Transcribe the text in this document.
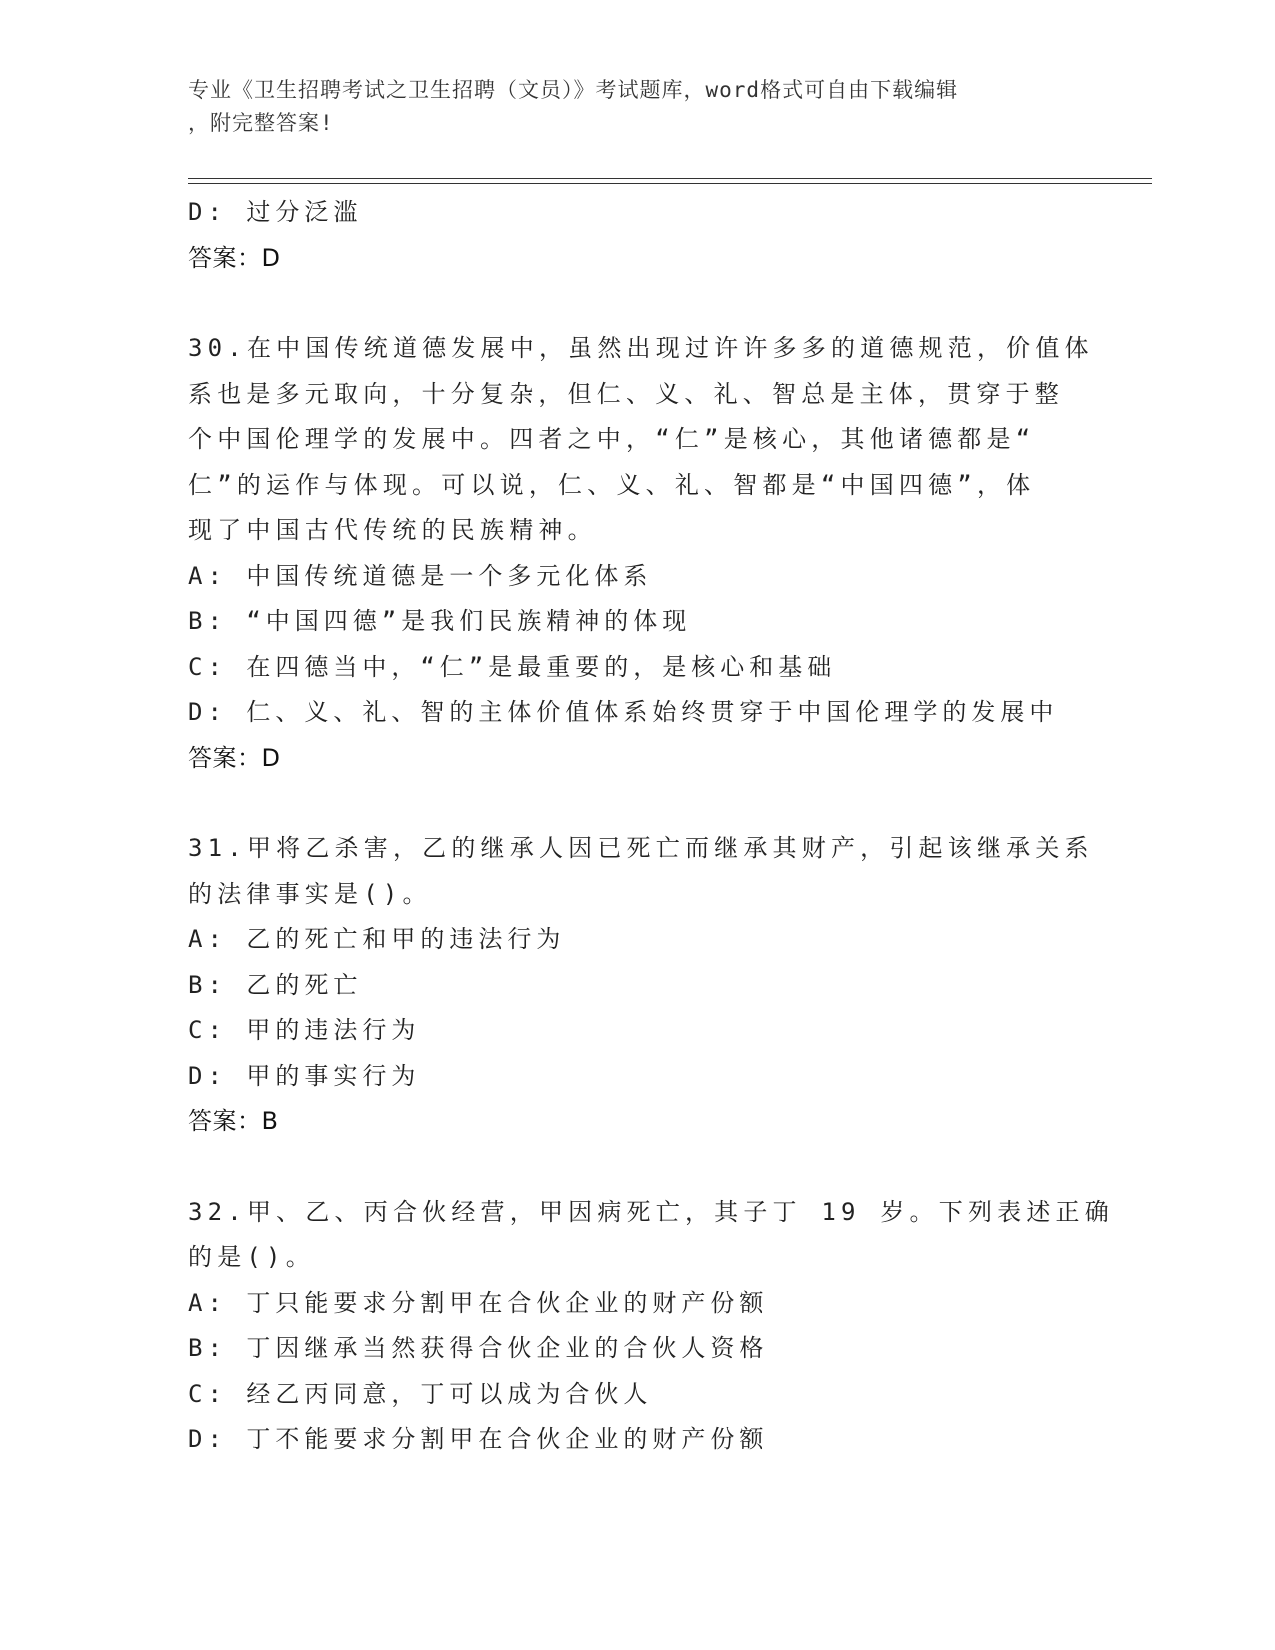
专业《卫生招聘考试之卫生招聘（文员）》考试题库，word格式可自由下载编辑
，附完整答案!
D: 过分泛滥
答案：D
30.在中国传统道德发展中，虽然出现过许许多多的道德规范，价值体
系也是多元取向，十分复杂，但仁、义、礼、智总是主体，贯穿于整
个中国伦理学的发展中。四者之中，“仁”是核心，其他诸德都是“
仁”的运作与体现。可以说，仁、义、礼、智都是“中国四德”，体
现了中国古代传统的民族精神。
A: 中国传统道德是一个多元化体系
B: “中国四德”是我们民族精神的体现
C: 在四德当中，“仁”是最重要的，是核心和基础
D: 仁、义、礼、智的主体价值体系始终贯穿于中国伦理学的发展中
答案：D
31.甲将乙杀害，乙的继承人因已死亡而继承其财产，引起该继承关系
的法律事实是()。
A: 乙的死亡和甲的违法行为
B: 乙的死亡
C: 甲的违法行为
D: 甲的事实行为
答案：B
32.甲、乙、丙合伙经营，甲因病死亡，其子丁 19 岁。下列表述正确
的是()。
A: 丁只能要求分割甲在合伙企业的财产份额
B: 丁因继承当然获得合伙企业的合伙人资格
C: 经乙丙同意，丁可以成为合伙人
D: 丁不能要求分割甲在合伙企业的财产份额
